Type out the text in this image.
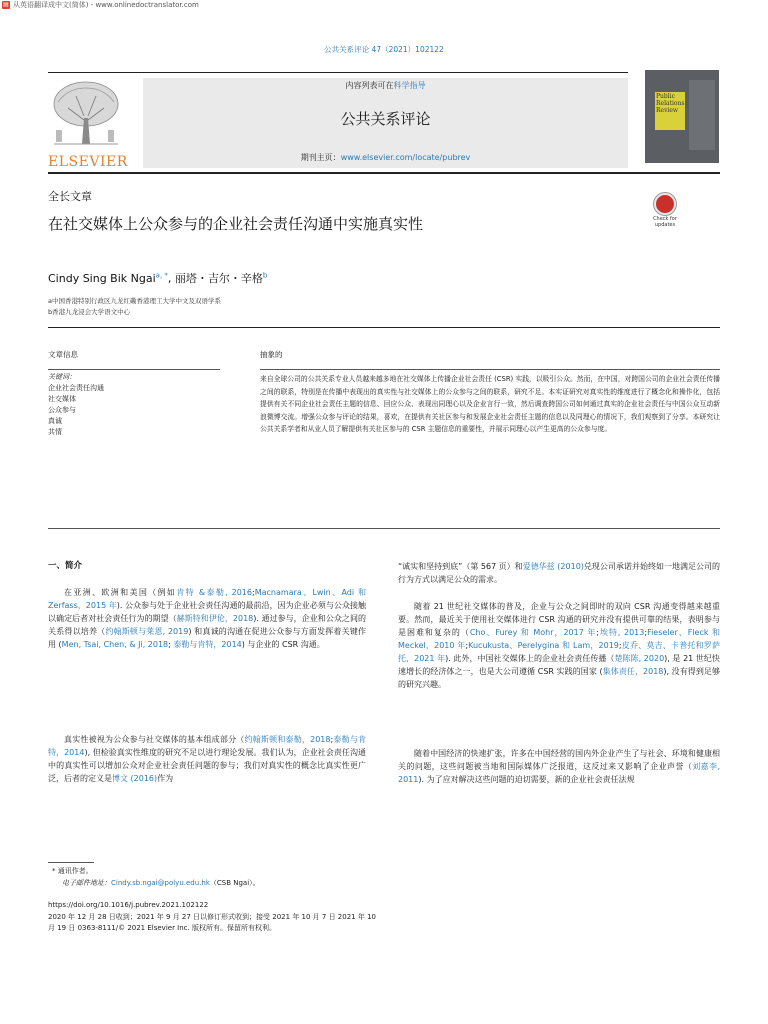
▤ 从英语翻译成中文(简体) - www.onlinedoctranslator.com
公共关系评论 47（2021）102122
内容列表可在科学指导
公共关系评论
期刊主页：www.elsevier.com/locate/pubrev
ELSEVIER
Public
Relations
Review
全长文章
在社交媒体上公众参与的企业社会责任沟通中实施真实性	Check for
updates
Cindy Sing Bik Ngai$^{a, *}$, 丽塔・吉尔・辛格$^b$
a中国香港特别行政区九龙红磡香港理工大学中文及双语学系
b香港九龙浸会大学语文中心
文章信息	抽象的
关键词：
企业社会责任沟通
社交媒体
公众参与
真诚
共情
来自全球公司的公共关系专业人员越来越多地在社交媒体上传播企业社会责任 (CSR) 实践，以吸引公众。然而，在中国，对跨国公司的企业社会责任传播之间的联系，特别是在传播中表现出的真实性与社交媒体上的公众参与之间的联系，研究不足。本实证研究对真实性的维度进行了概念化和操作化，包括提供有关不同企业社会责任主题的信息、回应公众、表现出同理心以及企业言行一致，然后调查跨国公司如何通过真实的企业社会责任与中国公众互动新浪微博交流。增强公众参与评论的结果，喜欢，在提供有关社区参与和发展企业社会责任主题的信息以及同理心的情况下，我们观察到了分享。本研究让公共关系学者和从业人员了解提供有关社区参与的 CSR 主题信息的重要性，并展示同理心以产生更高的公众参与度。
一、简介
在亚洲、欧洲和美国（例如肯特 &泰勒, 2016;Macnamara、Lwin、Adi 和 Zerfass，2015 年). 公众参与处于企业社会责任沟通的最前沿，因为企业必须与公众接触以确定后者对社会责任行为的期望（赫斯特和伊伦，2018). 通过参与，企业和公众之间的关系得以培养（约翰斯顿与莱恩, 2019) 和真诚的沟通在促进公众参与方面发挥着关键作用 (Men, Tsai, Chen, & Ji, 2018; 泰勒与肯特，2014) 与企业的 CSR 沟通。
真实性被视为公众参与社交媒体的基本组成部分（约翰斯顿和泰勒，2018;泰勒与肯特，2014), 但检验真实性维度的研究不足以进行理论发展。我们认为，企业社会责任沟通中的真实性可以增加公众对企业社会责任问题的参与；我们对真实性的概念比真实性更广泛，后者的定义是博文 (2016)作为
“诚实和坚持到底”（第 567 页）和爱德华兹 (2010)兑现公司承诺并始终如一地满足公司的行为方式以满足公众的需求。
随着 21 世纪社交媒体的普及，企业与公众之间即时的双向 CSR 沟通变得越来越重要。然而，最近关于使用社交媒体进行 CSR 沟通的研究并没有提供可靠的结果，表明参与是困难和复杂的（Cho、Furey 和 Mohr，2017 年;埃特, 2013;Fieseler、Fleck 和 Meckel，2010 年;Kucukusta、Perelygina 和 Lam，2019;皮乔、莫吉、卡普托和罗萨托，2021 年). 此外，中国社交媒体上的企业社会责任传播（楚陈陈, 2020), 是 21 世纪快速增长的经济体之一，也是大公司遵循 CSR 实践的国家 (集体责任，2018), 没有得到足够的研究兴趣。
随着中国经济的快速扩张，许多在中国经营的国内外企业产生了与社会、环境和健康相关的问题，这些问题被当地和国际媒体广泛报道，这反过来又影响了企业声誉（刘嘉李, 2011). 为了应对解决这些问题的迫切需要，新的企业社会责任法规
* 通讯作者。
电子邮件地址：Cindy.sb.ngai@polyu.edu.hk（CSB Ngai）。
https://doi.org/10.1016/j.pubrev.2021.102122
2020 年 12 月 28 日收到；2021 年 9 月 27 日以修订形式收到；接受 2021 年 10 月 7 日 2021 年 10 月 19 日 0363-8111/© 2021 Elsevier Inc. 版权所有。保留所有权利。
